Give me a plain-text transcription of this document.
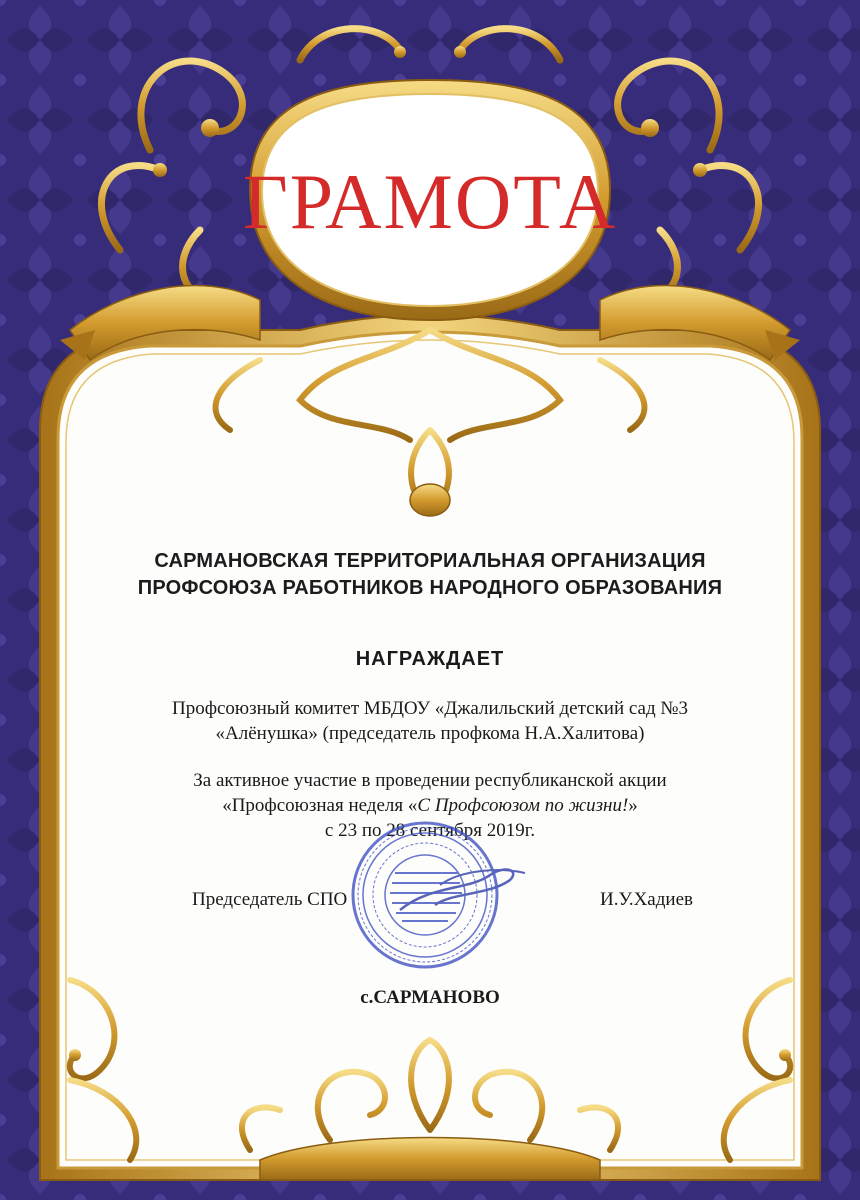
ГРАМОТА
САРМАНОВСКАЯ ТЕРРИТОРИАЛЬНАЯ ОРГАНИЗАЦИЯ
ПРОФСОЮЗА РАБОТНИКОВ НАРОДНОГО ОБРАЗОВАНИЯ
НАГРАЖДАЕТ
Профсоюзный комитет МБДОУ «Джалильский детский сад №3
«Алёнушка» (председатель профкома Н.А.Халитова)
За активное участие в проведении республиканской акции
«Профсоюзная неделя «С Профсоюзом по жизни!»
с 23 по 28 сентября 2019г.
Председатель СПО	И.У.Хадиев
с.САРМАНОВО
